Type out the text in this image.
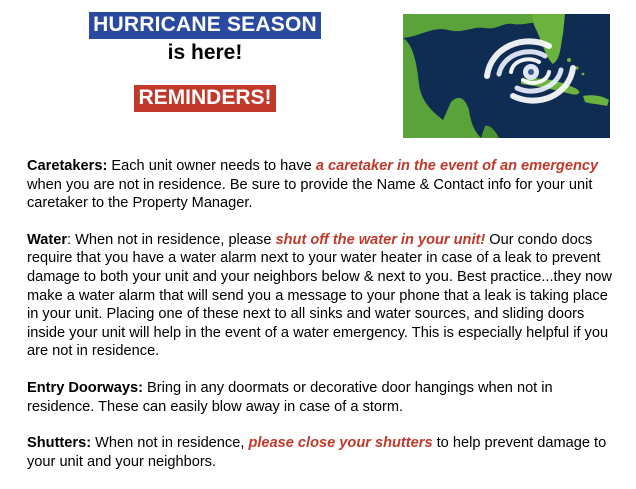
HURRICANE SEASON
is here!
REMINDERS!

Caretakers: Each unit owner needs to have a caretaker in the event of an emergency when you are not in residence. Be sure to provide the Name & Contact info for your unit caretaker to the Property Manager.

Water: When not in residence, please shut off the water in your unit! Our condo docs require that you have a water alarm next to your water heater in case of a leak to prevent damage to both your unit and your neighbors below & next to you. Best practice...they now make a water alarm that will send you a message to your phone that a leak is taking place in your unit. Placing one of these next to all sinks and water sources, and sliding doors inside your unit will help in the event of a water emergency. This is especially helpful if you are not in residence.

Entry Doorways: Bring in any doormats or decorative door hangings when not in residence. These can easily blow away in case of a storm.

Shutters: When not in residence, please close your shutters to help prevent damage to your unit and your neighbors.
